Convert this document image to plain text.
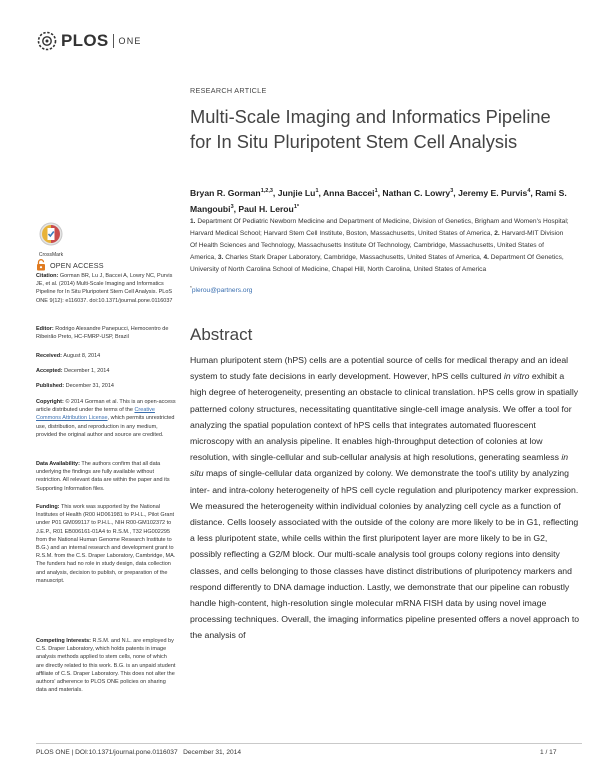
PLOS ONE
CrossMark
OPEN ACCESS
Citation: Gorman BR, Lu J, Baccei A, Lowry NC, Purvis JE, et al. (2014) Multi-Scale Imaging and Informatics Pipeline for In Situ Pluripotent Stem Cell Analysis. PLoS ONE 9(12): e116037. doi:10.1371/journal.pone.0116037
Editor: Rodrigo Alexandre Panepucci, Hemocentro de Ribeirão Preto, HC-FMRP-USP, Brazil
Received: August 8, 2014
Accepted: December 1, 2014
Published: December 31, 2014
Copyright: © 2014 Gorman et al. This is an open-access article distributed under the terms of the Creative Commons Attribution License, which permits unrestricted use, distribution, and reproduction in any medium, provided the original author and source are credited.
Data Availability: The authors confirm that all data underlying the findings are fully available without restriction. All relevant data are within the paper and its Supporting Information files.
Funding: This work was supported by the National Institutes of Health (R00 HD061981 to P.H.L., Pilot Grant under P01 GM099117 to P.H.L., NIH R00-GM102372 to J.E.P., R01 EB006161-01A4 to R.S.M., T32 HG002295 from the National Human Genome Research Institute to B.G.) and an internal research and development grant to R.S.M. from the C.S. Draper Laboratory, Cambridge, MA. The funders had no role in study design, data collection and analysis, decision to publish, or preparation of the manuscript.
Competing Interests: R.S.M. and N.L. are employed by C.S. Draper Laboratory, which holds patents in image analysis methods applied to stem cells, none of which are directly related to this work. B.G. is an unpaid student affiliate of C.S. Draper Laboratory. This does not alter the authors' adherence to PLOS ONE policies on sharing data and materials.
RESEARCH ARTICLE
Multi-Scale Imaging and Informatics Pipeline for In Situ Pluripotent Stem Cell Analysis
Bryan R. Gorman$^{1,2,3}$, Junjie Lu$^1$, Anna Baccei$^1$, Nathan C. Lowry$^3$, Jeremy E. Purvis$^4$, Rami S. Mangoubi$^3$, Paul H. Lerou$^{1*}$
1. Department Of Pediatric Newborn Medicine and Department of Medicine, Division of Genetics, Brigham and Women's Hospital; Harvard Medical School; Harvard Stem Cell Institute, Boston, Massachusetts, United States of America, 2. Harvard-MIT Division Of Health Sciences and Technology, Massachusetts Institute Of Technology, Cambridge, Massachusetts, United States of America, 3. Charles Stark Draper Laboratory, Cambridge, Massachusetts, United States of America, 4. Department Of Genetics, University of North Carolina School of Medicine, Chapel Hill, North Carolina, United States of America
*plerou@partners.org
Abstract

Human pluripotent stem (hPS) cells are a potential source of cells for medical therapy and an ideal system to study fate decisions in early development. However, hPS cells cultured in vitro exhibit a high degree of heterogeneity, presenting an obstacle to clinical translation. hPS cells grow in spatially patterned colony structures, necessitating quantitative single-cell image analysis. We offer a tool for analyzing the spatial population context of hPS cells that integrates automated fluorescent microscopy with an analysis pipeline. It enables high-throughput detection of colonies at low resolution, with single-cellular and sub-cellular analysis at high resolutions, generating seamless in situ maps of single-cellular data organized by colony. We demonstrate the tool's utility by analyzing inter- and intra-colony heterogeneity of hPS cell cycle regulation and pluripotency marker expression. We measured the heterogeneity within individual colonies by analyzing cell cycle as a function of distance. Cells loosely associated with the outside of the colony are more likely to be in G1, reflecting a less pluripotent state, while cells within the first pluripotent layer are more likely to be in G2, possibly reflecting a G2/M block. Our multi-scale analysis tool groups colony regions into density classes, and cells belonging to those classes have distinct distributions of pluripotency markers and respond differently to DNA damage induction. Lastly, we demonstrate that our pipeline can robustly handle high-content, high-resolution single molecular mRNA FISH data by using novel image processing techniques. Overall, the imaging informatics pipeline presented offers a novel approach to the analysis of

PLOS ONE | DOI:10.1371/journal.pone.0116037   December 31, 2014	1 / 17
